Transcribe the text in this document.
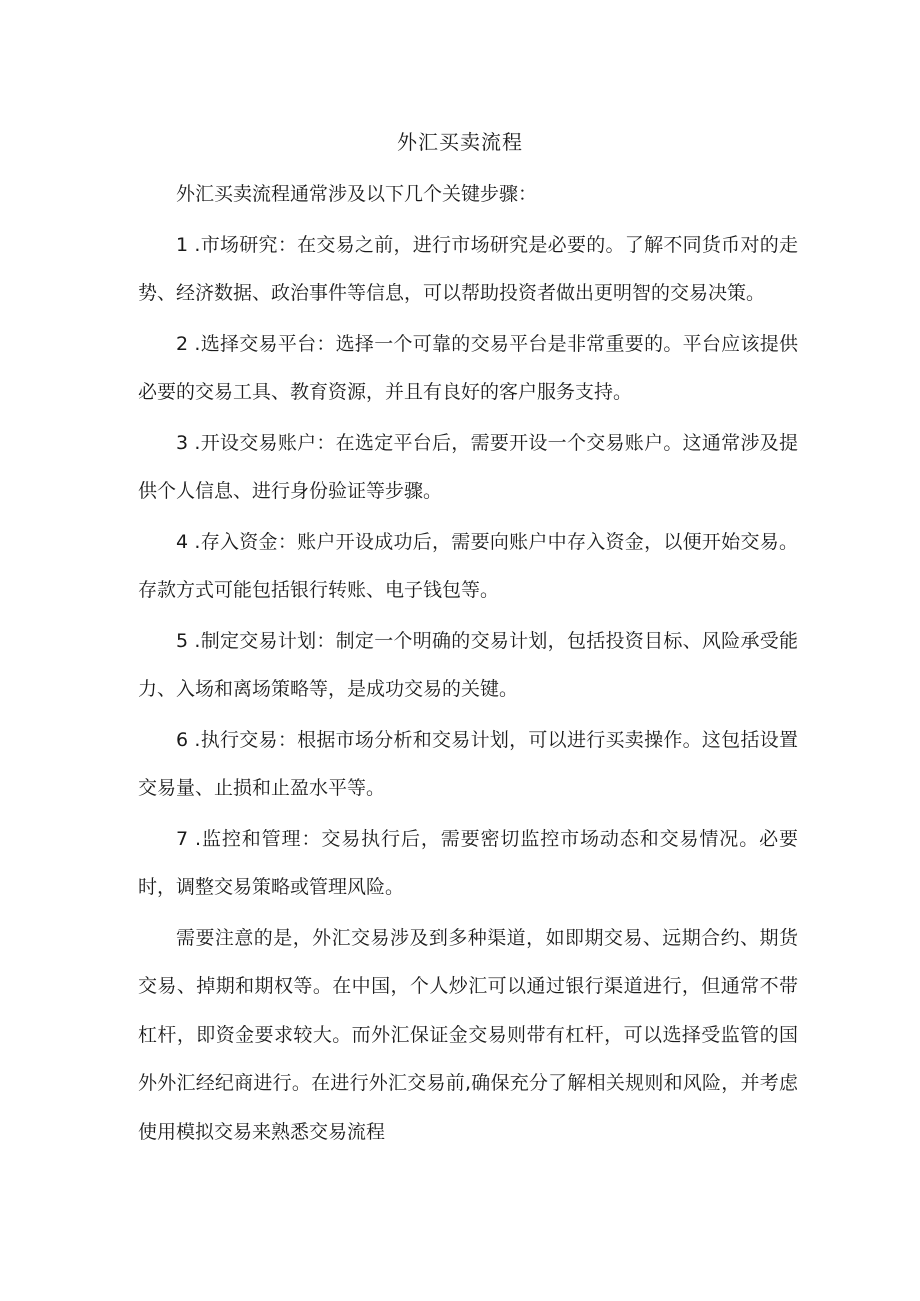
外汇买卖流程

外汇买卖流程通常涉及以下几个关键步骤：

1 .市场研究：在交易之前，进行市场研究是必要的。了解不同货币对的走势、经济数据、政治事件等信息，可以帮助投资者做出更明智的交易决策。

2 .选择交易平台：选择一个可靠的交易平台是非常重要的。平台应该提供必要的交易工具、教育资源，并且有良好的客户服务支持。

3 .开设交易账户：在选定平台后，需要开设一个交易账户。这通常涉及提供个人信息、进行身份验证等步骤。

4 .存入资金：账户开设成功后，需要向账户中存入资金，以便开始交易。存款方式可能包括银行转账、电子钱包等。

5 .制定交易计划：制定一个明确的交易计划，包括投资目标、风险承受能力、入场和离场策略等，是成功交易的关键。

6 .执行交易：根据市场分析和交易计划，可以进行买卖操作。这包括设置交易量、止损和止盈水平等。

7 .监控和管理：交易执行后，需要密切监控市场动态和交易情况。必要时，调整交易策略或管理风险。

需要注意的是，外汇交易涉及到多种渠道，如即期交易、远期合约、期货交易、掉期和期权等。在中国，个人炒汇可以通过银行渠道进行，但通常不带杠杆，即资金要求较大。而外汇保证金交易则带有杠杆，可以选择受监管的国外外汇经纪商进行。在进行外汇交易前,确保充分了解相关规则和风险，并考虑使用模拟交易来熟悉交易流程
